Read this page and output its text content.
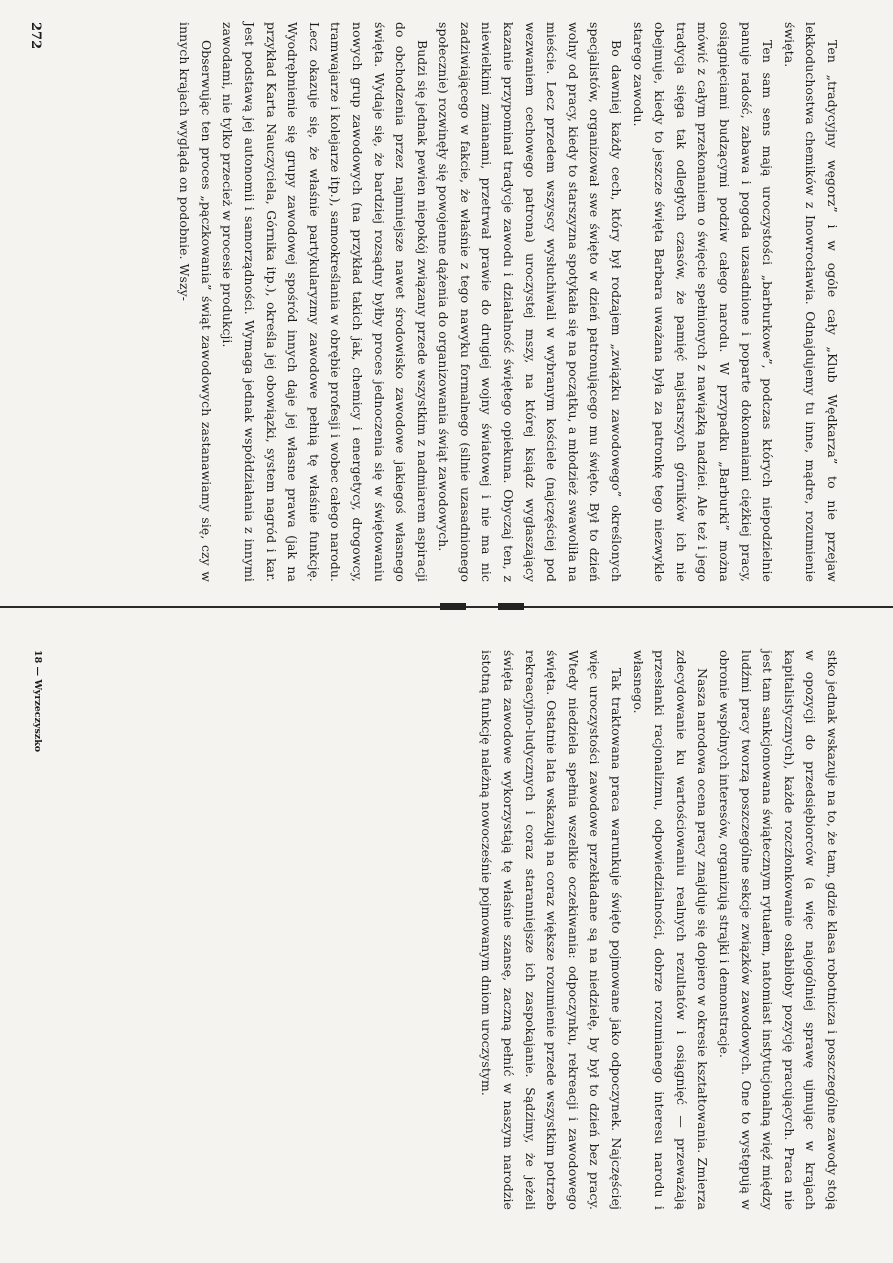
Ten „tradycyjny węgorz” i w ogóle cały „Klub Wędkarza” to nie przejaw lekkoduchostwa chemików z Inowrocławia. Odnajdujemy tu inne, mądre, rozumienie święta.

Ten sam sens mają uroczystości „barburkowe”, podczas których niepodzielnie panuje radość, zabawa i pogoda uzasadnione i poparte dokonaniami ciężkiej pracy, osiągnięciami budzącymi podziw całego narodu. W przypadku „Barburki” można mówić z całym przekonaniem o święcie spełnionych z nawiązką nadziei. Ale też i jego tradycja sięga tak odległych czasów, że pamięć najstarszych górników ich nie obejmuje, kiedy to jeszcze święta Barbara uważana była za patronkę tego niezwykle starego zawodu.

Bo dawniej każdy cech, który był rodzajem „związku zawodowego” określonych specjalistów, organizował swe święto w dzień patronującego mu święto. Był to dzień wolny od pracy, kiedy to starszyzna spotykała się na początku, a młodzież swawoliła na mieście. Lecz przedem wszyscy wysłuchiwali w wybranym kościele (najczęściej pod wezwaniem cechowego patrona) uroczystej mszy, na której ksiądz wygłaszający kazanie przypominał tradycje zawodu i działalność świętego opiekuna. Obyczaj ten, z niewielkimi zmianami, przetrwał prawie do drugiej wojny światowej i nie ma nic zadziwiającego w fakcie, że właśnie z tego nawyku formalnego (silnie uzasadnionego społecznie) rozwinęły się powojenne dążenia do organizowania świąt zawodowych.

Budzi się jednak pewien niepokój związany przede wszystkim z nadmiarem aspiracji do obchodzenia przez najmniejsze nawet środowisko zawodowe jakiegoś własnego święta. Wydaje się, że bardziej rozsądny byłby proces jednoczenia się w świętowaniu nowych grup zawodowych (na przykład takich jak, chemicy i energetycy, drogowcy, tramwajarze i kolejarze itp.), samookreślania w obrębie profesji i wobec całego narodu. Lecz okazuje się, że właśnie partykularyzmy zawodowe pełnią tę właśnie funkcję. Wyodrębnienie się grupy zawodowej spośród innych daje jej własne prawa (jak na przykład Karta Nauczyciela, Górnika itp.), określa jej obowiązki, system nagród i kar. Jest podstawą jej autonomii i samorządności. Wymaga jednak współdziałania z innymi zawodami, nie tylko przecież w procesie produkcji.

Obserwując ten proces „pączkowania” świąt zawodowych zastanawiamy się, czy w innych krajach wygląda on podobnie. Wszy-

272

stko jednak wskazuje na to, że tam, gdzie klasa robotnicza i poszczególne zawody stoją w opozycji do przedsiębiorców (a więc najogólniej sprawę ujmując w krajach kapitalistycznych), każde rozczłonkowanie osłabiłoby pozycję pracujących. Praca nie jest tam sankcjonowana świątecznym rytuałem, natomiast instytucjonalną więź między ludźmi pracy tworzą poszczególne sekcje związków zawodowych. One to występują w obronie wspólnych interesów, organizują strajki i demonstracje.

Nasza narodowa ocena pracy znajduje się dopiero w okresie kształtowania. Zmierza zdecydowanie ku wartościowaniu realnych rezultatów i osiągnięć — przeważają przesłanki racjonalizmu, odpowiedzialności, dobrze rozumianego interesu narodu i własnego.

Tak traktowana praca warunkuje święto pojmowane jako odpoczynek. Najczęściej więc uroczystości zawodowe przekładane są na niedzielę, by był to dzień bez pracy. Wtedy niedziela spełnia wszelkie oczekiwania: odpoczynku, rekreacji i zawodowego święta. Ostatnie lata wskazują na coraz większe rozumienie przede wszystkim potrzeb rekreacyjno-ludycznych i coraz staranniejsze ich zaspokajanie. Sądzimy, że jeżeli święta zawodowe wykorzystają tę właśnie szansę, zaczną pełnić w naszym narodzie istotną funkcję należną nowocześnie pojmowanym dniom uroczystym.

18 — Wyrzeczyszko
